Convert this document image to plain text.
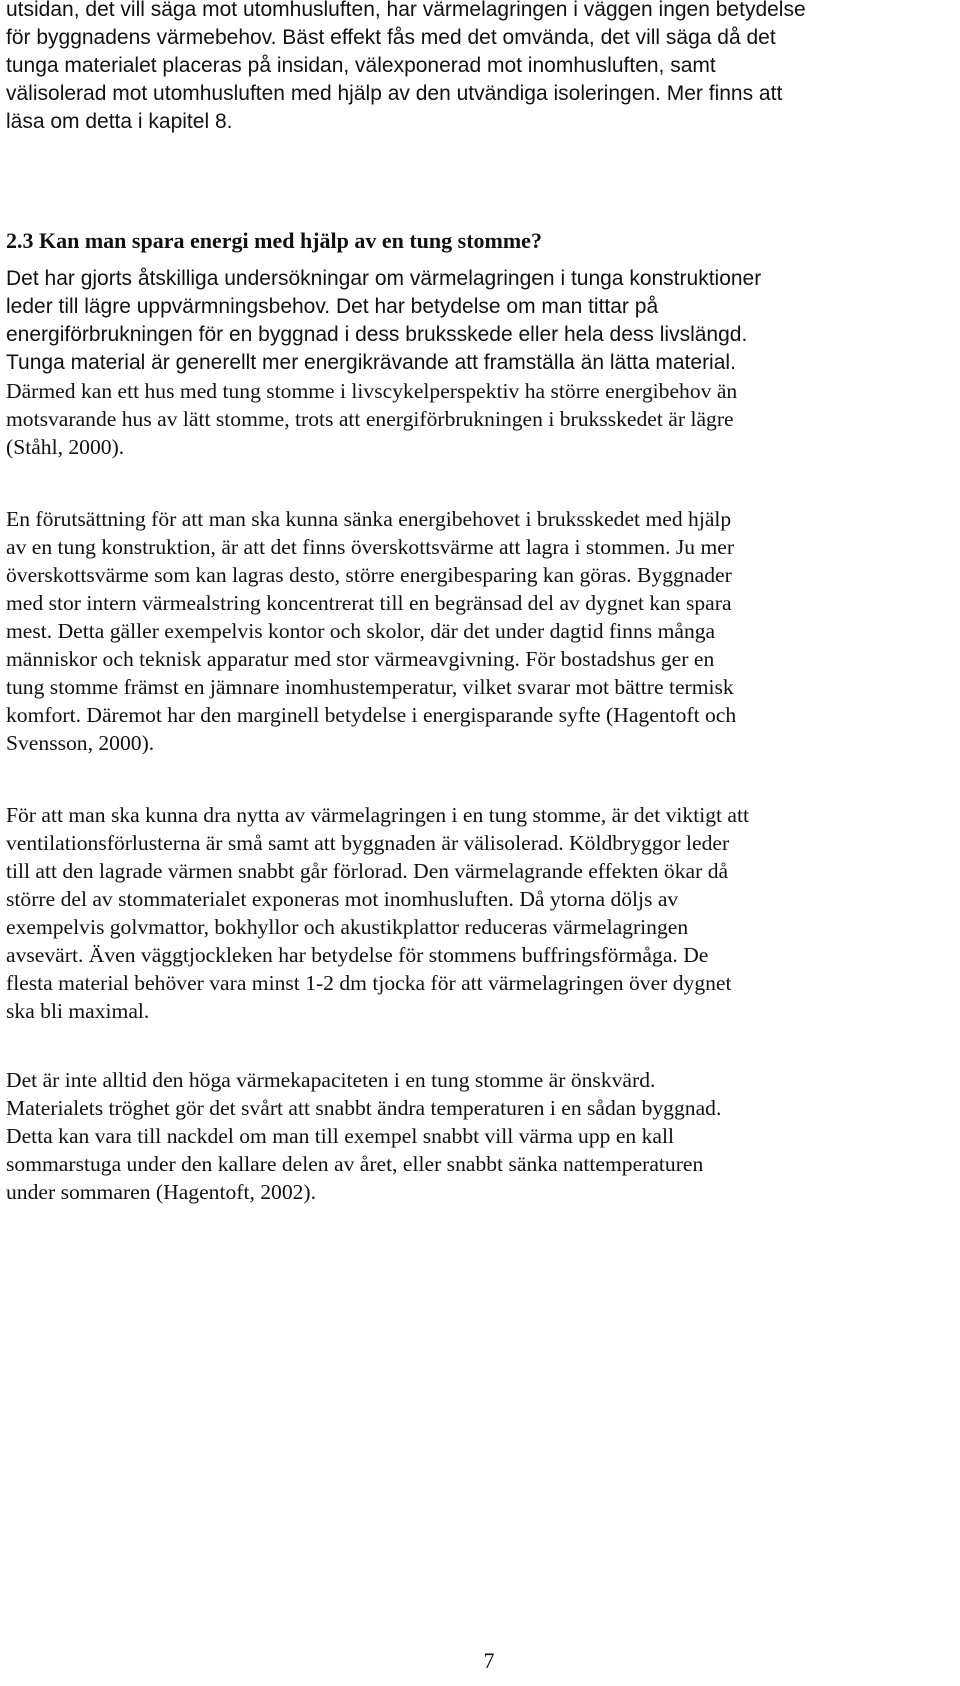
utsidan, det vill säga mot utomhusluften, har värmelagringen i väggen ingen betydelse
för byggnadens värmebehov. Bäst effekt fås med det omvända, det vill säga då det
tunga materialet placeras på insidan, välexponerad mot inomhusluften, samt
välisolerad mot utomhusluften med hjälp av den utvändiga isoleringen. Mer finns att
läsa om detta i kapitel 8.

2.3 Kan man spara energi med hjälp av en tung stomme?

Det har gjorts åtskilliga undersökningar om värmelagringen i tunga konstruktioner
leder till lägre uppvärmningsbehov. Det har betydelse om man tittar på
energiförbrukningen för en byggnad i dess bruksskede eller hela dess livslängd.
Tunga material är generellt mer energikrävande att framställa än lätta material.
Därmed kan ett hus med tung stomme i livscykelperspektiv ha större energibehov än
motsvarande hus av lätt stomme, trots att energiförbrukningen i bruksskedet är lägre
(Ståhl, 2000).

En förutsättning för att man ska kunna sänka energibehovet i bruksskedet med hjälp
av en tung konstruktion, är att det finns överskottsvärme att lagra i stommen. Ju mer
överskottsvärme som kan lagras desto, större energibesparing kan göras. Byggnader
med stor intern värmealstring koncentrerat till en begränsad del av dygnet kan spara
mest. Detta gäller exempelvis kontor och skolor, där det under dagtid finns många
människor och teknisk apparatur med stor värmeavgivning. För bostadshus ger en
tung stomme främst en jämnare inomhustemperatur, vilket svarar mot bättre termisk
komfort. Däremot har den marginell betydelse i energisparande syfte (Hagentoft och
Svensson, 2000).

För att man ska kunna dra nytta av värmelagringen i en tung stomme, är det viktigt att
ventilationsförlusterna är små samt att byggnaden är välisolerad. Köldbryggor leder
till att den lagrade värmen snabbt går förlorad. Den värmelagrande effekten ökar då
större del av stommaterialet exponeras mot inomhusluften. Då ytorna döljs av
exempelvis golvmattor, bokhyllor och akustikplattor reduceras värmelagringen
avsevärt. Även väggtjockleken har betydelse för stommens buffringsförmåga. De
flesta material behöver vara minst 1-2 dm tjocka för att värmelagringen över dygnet
ska bli maximal.

Det är inte alltid den höga värmekapaciteten i en tung stomme är önskvärd.
Materialets tröghet gör det svårt att snabbt ändra temperaturen i en sådan byggnad.
Detta kan vara till nackdel om man till exempel snabbt vill värma upp en kall
sommarstuga under den kallare delen av året, eller snabbt sänka nattemperaturen
under sommaren (Hagentoft, 2002).

7
